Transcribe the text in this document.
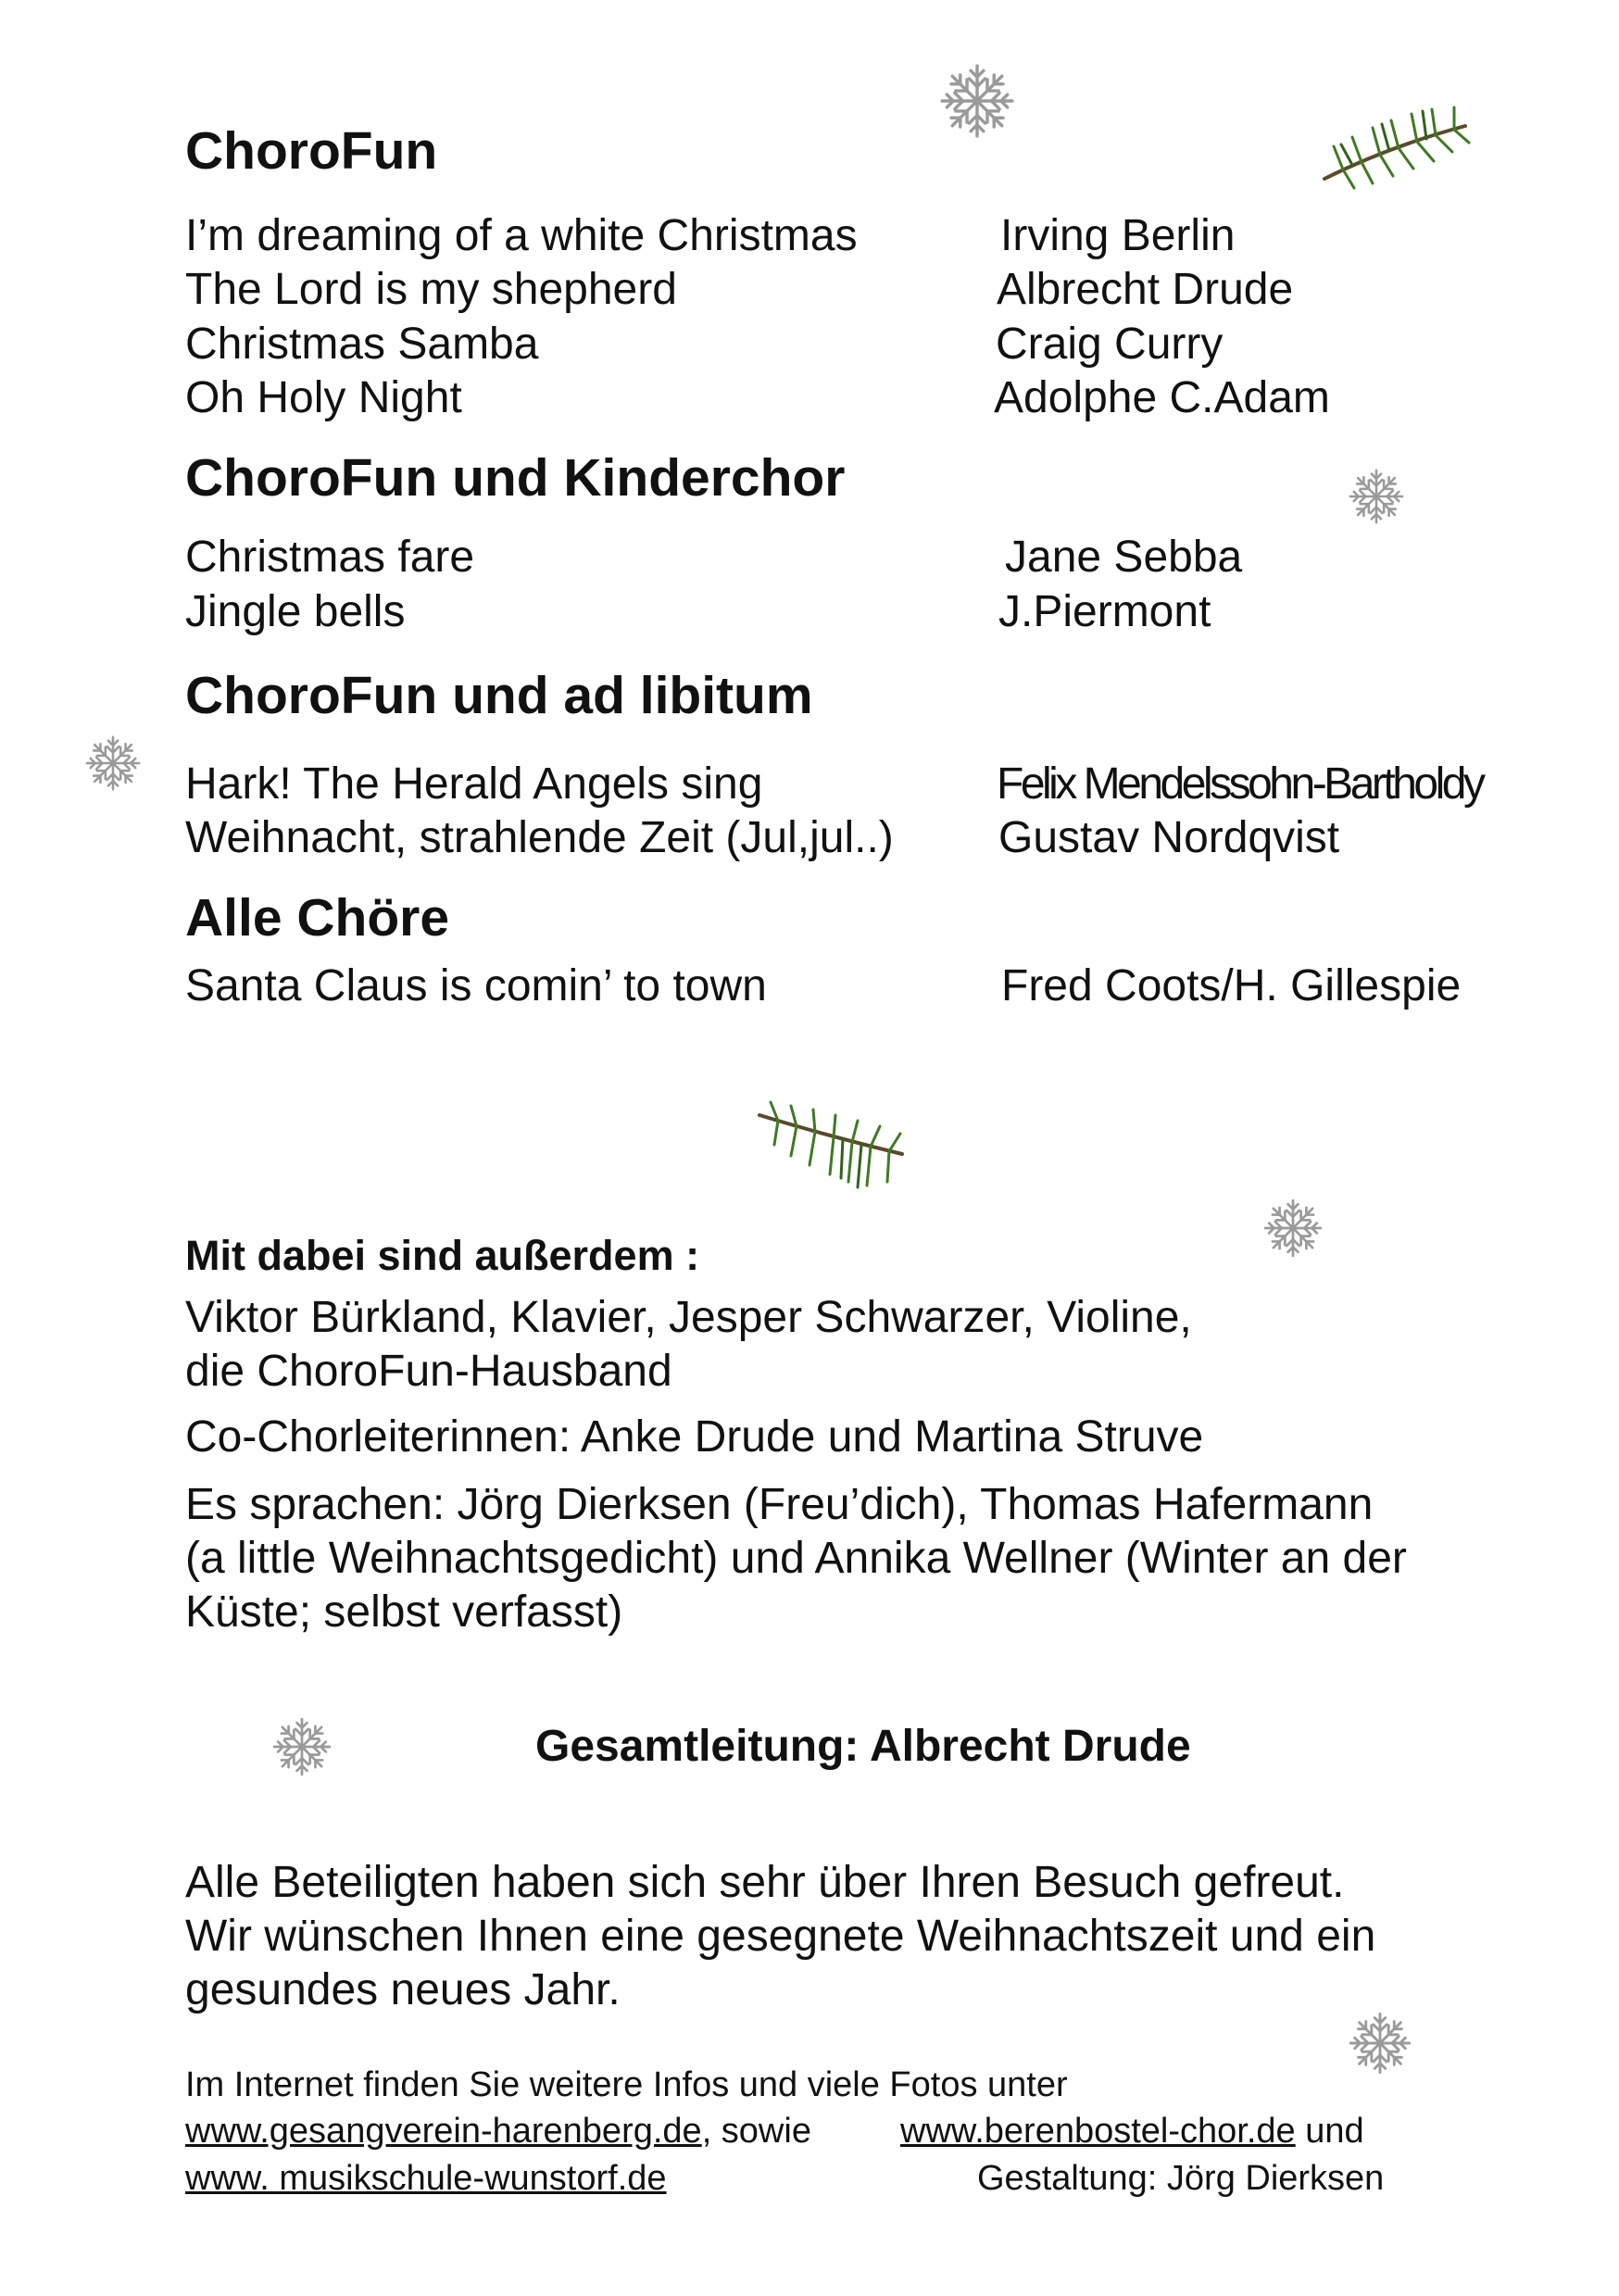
ChoroFun
I’m dreaming of a white Christmas	Irving Berlin
The Lord is my shepherd	Albrecht Drude
Christmas Samba	Craig Curry
Oh Holy Night	Adolphe C.Adam
ChoroFun und Kinderchor
Christmas fare	Jane Sebba
Jingle bells	J.Piermont
ChoroFun und ad libitum
Hark! The Herald Angels sing	Felix Mendelssohn-Bartholdy
Weihnacht, strahlende Zeit (Jul,jul..) Gustav Nordqvist
Alle Chöre
Santa Claus is comin’ to town	Fred Coots/H. Gillespie
Mit dabei sind außerdem :
Viktor Bürkland, Klavier, Jesper Schwarzer, Violine,
die ChoroFun-Hausband
Co-Chorleiterinnen: Anke Drude und Martina Struve
Es sprachen: Jörg Dierksen (Freu’dich), Thomas Hafermann
(a little Weihnachtsgedicht) und Annika Wellner (Winter an der
Küste; selbst verfasst)
Gesamtleitung: Albrecht Drude
Alle Beteiligten haben sich sehr über Ihren Besuch gefreut.
Wir wünschen Ihnen eine gesegnete Weihnachtszeit und ein
gesundes neues Jahr.
Im Internet finden Sie weitere Infos und viele Fotos unter
www.gesangverein-harenberg.de, sowie	www.berenbostel-chor.de und
www. musikschule-wunstorf.de	Gestaltung: Jörg Dierksen
